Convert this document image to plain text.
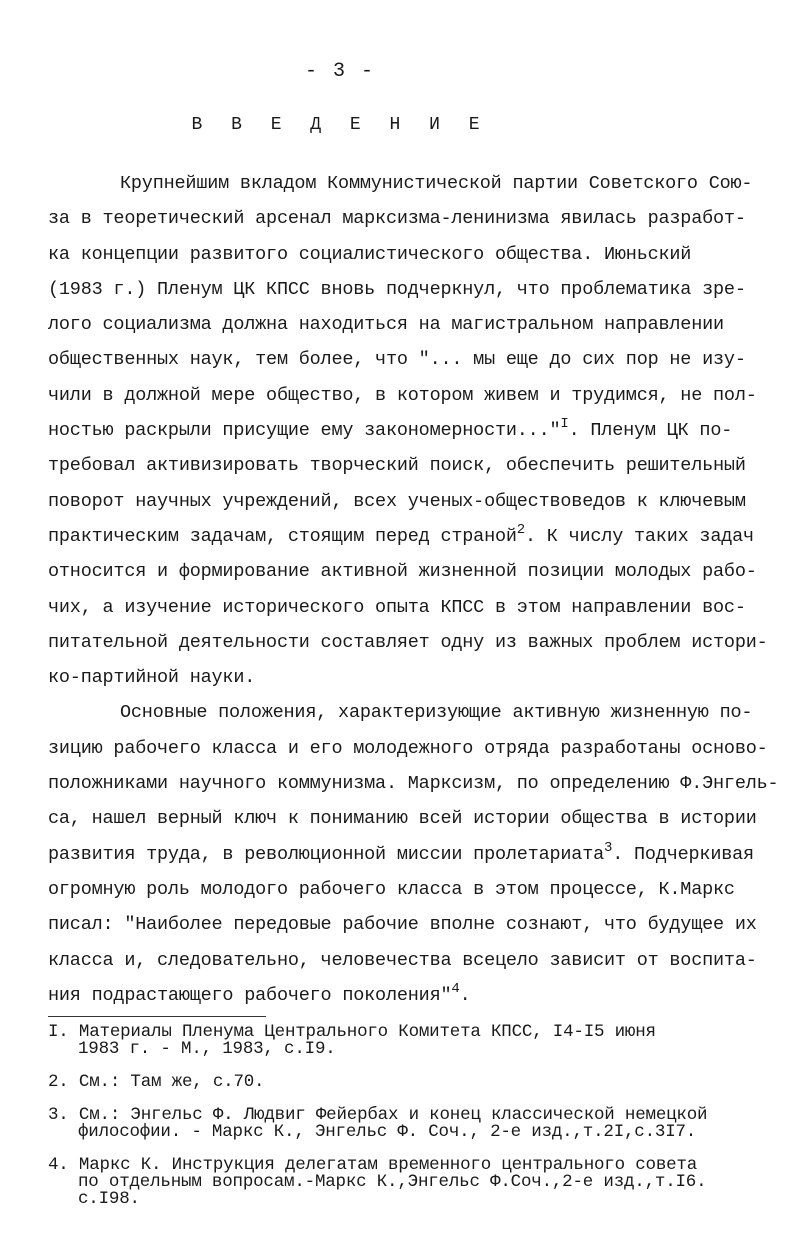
- 3 -
В В Е Д Е Н И Е
Крупнейшим вкладом Коммунистической партии Советского Сою-
за в теоретический арсенал марксизма-ленинизма явилась разработ-
ка концепции развитого социалистического общества. Июньский
(1983 г.) Пленум ЦК КПСС вновь подчеркнул, что проблематика зре-
лого социализма должна находиться на магистральном направлении
общественных наук, тем более, что "... мы еще до сих пор не изу-
чили в должной мере общество, в котором живем и трудимся, не пол-
ностью раскрыли присущие ему закономерности..."$^I$. Пленум ЦК по-
требовал активизировать творческий поиск, обеспечить решительный
поворот научных учреждений, всех ученых-обществоведов к ключевым
практическим задачам, стоящим перед страной$^2$. К числу таких задач
относится и формирование активной жизненной позиции молодых рабо-
чих, а изучение исторического опыта КПСС в этом направлении вос-
питательной деятельности составляет одну из важных проблем истори-
ко-партийной науки.
Основные положения, характеризующие активную жизненную по-
зицию рабочего класса и его молодежного отряда разработаны осново-
положниками научного коммунизма. Марксизм, по определению Ф.Энгель-
са, нашел верный ключ к пониманию всей истории общества в истории
развития труда, в революционной миссии пролетариата$^3$. Подчеркивая
огромную роль молодого рабочего класса в этом процессе, К.Маркс
писал: "Наиболее передовые рабочие вполне сознают, что будущее их
класса и, следовательно, человечества всецело зависит от воспита-
ния подрастающего рабочего поколения"$^4$.
I. Материалы Пленума Центрального Комитета КПСС, I4-I5 июня
1983 г. - М., 1983, с.I9.
2. См.: Там же, с.70.
3. См.: Энгельс Ф. Людвиг Фейербах и конец классической немецкой
философии. - Маркс К., Энгельс Ф. Соч., 2-е изд.,т.2I,с.3I7.
4. Маркс К. Инструкция делегатам временного центрального совета
по отдельным вопросам.-Маркс К.,Энгельс Ф.Соч.,2-е изд.,т.I6.
с.I98.
